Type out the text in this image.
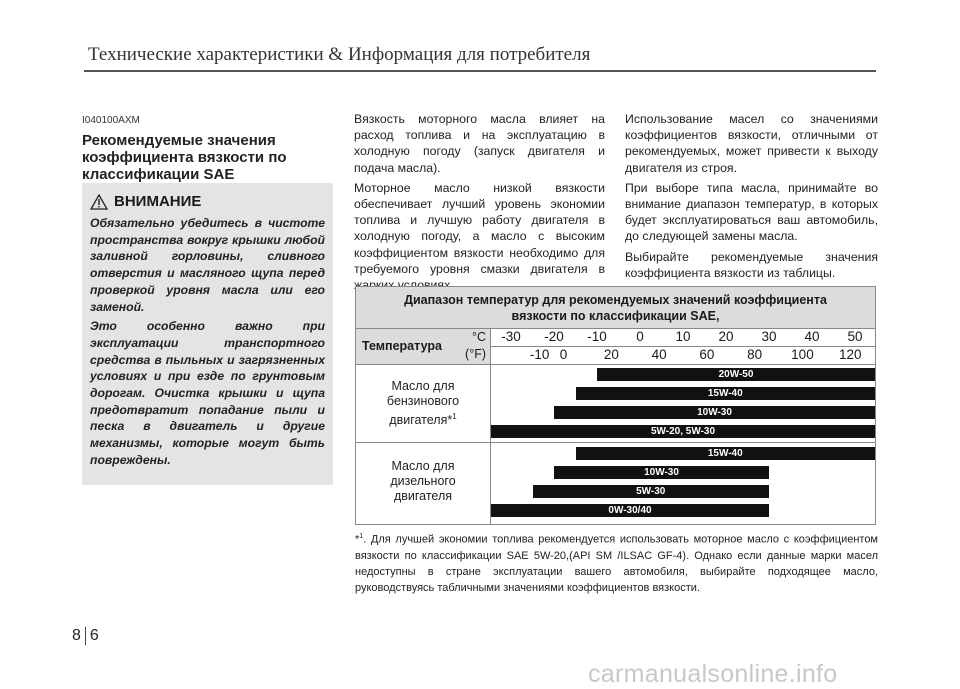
Технические характеристики & Информация для потребителя
I040100AXM
Рекомендуемые значения
коэффициента вязкости по
классификации SAE
ВНИМАНИЕ

Обязательно убедитесь в чистоте пространства вокруг крышки любой заливной горловины, сливного отверстия и масляного щупа перед проверкой уровня масла или его заменой.

Это особенно важно при эксплуатации транспортного средства в пыльных и загрязненных условиях и при езде по грунтовым дорогам. Очистка крышки и щупа предотвратит попадание пыли и песка в двигатель и другие механизмы, которые могут быть повреждены.

Вязкость моторного масла влияет на расход топлива и на эксплуатацию в холодную погоду (запуск двигателя и подача масла).

Моторное масло низкой вязкости обеспечивает лучший уровень экономии топлива и лучшую работу двигателя в холодную погоду, а масло с высоким коэффициентом вязкости необходимо для требуемого уровня смазки двигателя в

Использование масел со значениями коэффициентов вязкости, отличными от рекомендуемых, может привести к выходу двигателя из строя.

При выборе типа масла, принимайте во внимание диапазон температур, в которых будет эксплуатироваться ваш автомобиль, до следующей замены масла.

Выбирайте рекомендуемые значения коэффициента вязкости из таблицы.

Диапазон температур для рекомендуемых значений коэффициента
вязкости по классификации SAE,
Температура
°C
(°F)
-30 -20 -10 0 10 20 30 40 50
-10 0	20 40 60 80 100 120
Масло для
бензинового
двигателя*$^1$
20W-50
15W-40
10W-30
5W-20, 5W-30
Масло для
дизельного
двигателя
15W-40
10W-30
5W-30
0W-30/40
*$^1$. Для лучшей экономии топлива рекомендуется использовать моторное масло с коэффициентом вязкости по классификации SAE 5W-20,(API SM /ILSAC GF-4). Однако если данные марки масел недоступны в стране эксплуатации вашего автомобиля, выбирайте подходящее масло, руководствуясь табличными значениями коэффициентов вязкости.
8 6
carmanualsonline.info
